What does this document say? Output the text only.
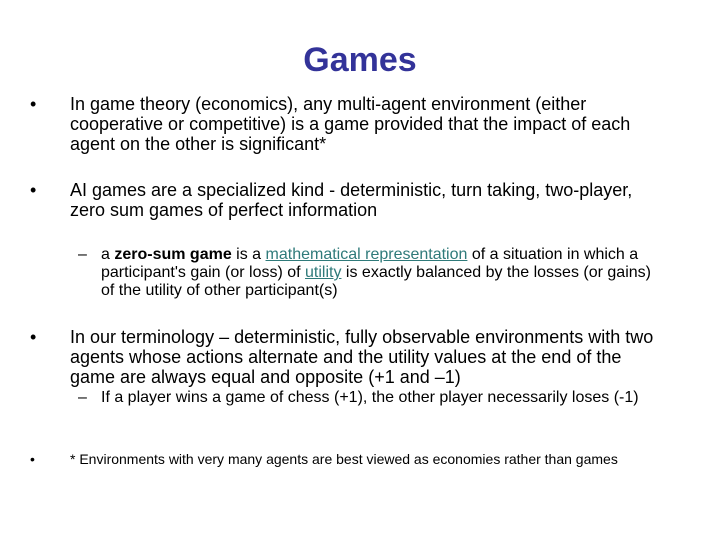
Games
• In game theory (economics), any multi-agent environment (either cooperative or competitive) is a game provided that the impact of each agent on the other is significant*
• AI games are a specialized kind - deterministic, turn taking, two-player, zero sum games of perfect information
– a zero-sum game is a mathematical representation of a situation in which a participant's gain (or loss) of utility is exactly balanced by the losses (or gains) of the utility of other participant(s)
• In our terminology – deterministic, fully observable environments with two agents whose actions alternate and the utility values at the end of the game are always equal and opposite (+1 and –1)
– If a player wins a game of chess (+1), the other player necessarily loses (-1)
•	* Environments with very many agents are best viewed as economies rather than games
